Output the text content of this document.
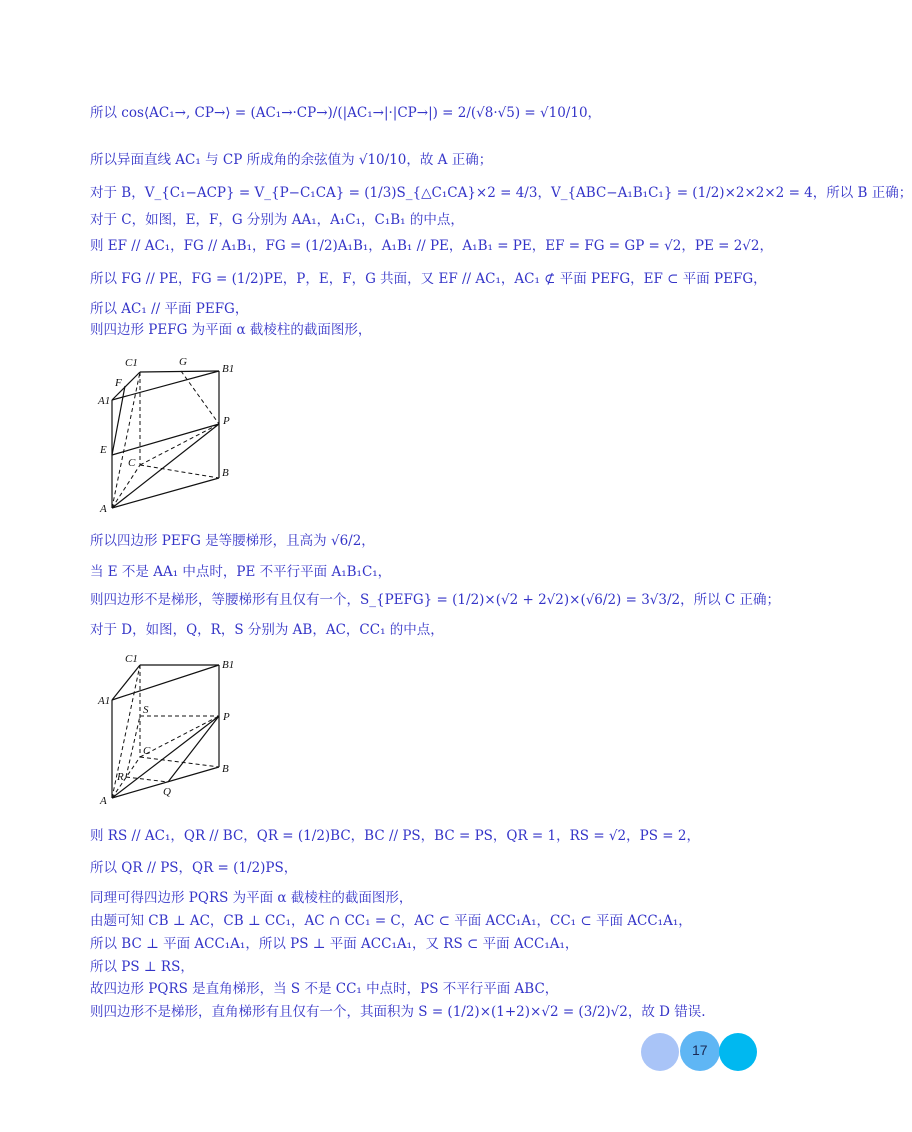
所以 cos⟨AC₁→, CP→⟩ = (AC₁→·CP→)/(|AC₁→|·|CP→|) = 2/(√8·√5) = √10/10，
所以异面直线 AC₁ 与 CP 所成角的余弦值为 √10/10，故 A 正确；
对于 B，V_{C₁−ACP} = V_{P−C₁CA} = (1/3)S_{△C₁CA}×2 = 4/3，V_{ABC−A₁B₁C₁} = (1/2)×2×2×2 = 4，所以 B 正确；
对于 C，如图，E，F，G 分别为 AA₁，A₁C₁，C₁B₁ 的中点，
则 EF // AC₁，FG // A₁B₁，FG = (1/2)A₁B₁，A₁B₁ // PE，A₁B₁ = PE，EF = FG = GP = √2，PE = 2√2，
所以 FG // PE，FG = (1/2)PE，P，E，F，G 共面，又 EF // AC₁，AC₁ ⊄ 平面 PEFG，EF ⊂ 平面 PEFG，
所以 AC₁ // 平面 PEFG，
则四边形 PEFG 为平面 α 截棱柱的截面图形，
C1	G
B1
F
A1
P
E
C
B
A
所以四边形 PEFG 是等腰梯形，且高为 √6/2，
当 E 不是 AA₁ 中点时，PE 不平行平面 A₁B₁C₁，
则四边形不是梯形，等腰梯形有且仅有一个，S_{PEFG} = (1/2)×(√2 + 2√2)×(√6/2) = 3√3/2，所以 C 正确；
对于 D，如图，Q，R，S 分别为 AB，AC，CC₁ 的中点，
C1	B1
A1
S
P
C
R
B
A
Q
则 RS // AC₁，QR // BC，QR = (1/2)BC，BC // PS，BC = PS，QR = 1，RS = √2，PS = 2，
所以 QR // PS，QR = (1/2)PS，
同理可得四边形 PQRS 为平面 α 截棱柱的截面图形，
由题可知 CB ⊥ AC，CB ⊥ CC₁，AC ∩ CC₁ = C，AC ⊂ 平面 ACC₁A₁，CC₁ ⊂ 平面 ACC₁A₁，
所以 BC ⊥ 平面 ACC₁A₁，所以 PS ⊥ 平面 ACC₁A₁，又 RS ⊂ 平面 ACC₁A₁，
所以 PS ⊥ RS，
故四边形 PQRS 是直角梯形，当 S 不是 CC₁ 中点时，PS 不平行平面 ABC，
则四边形不是梯形，直角梯形有且仅有一个，其面积为 S = (1/2)×(1+2)×√2 = (3/2)√2，故 D 错误.
17
